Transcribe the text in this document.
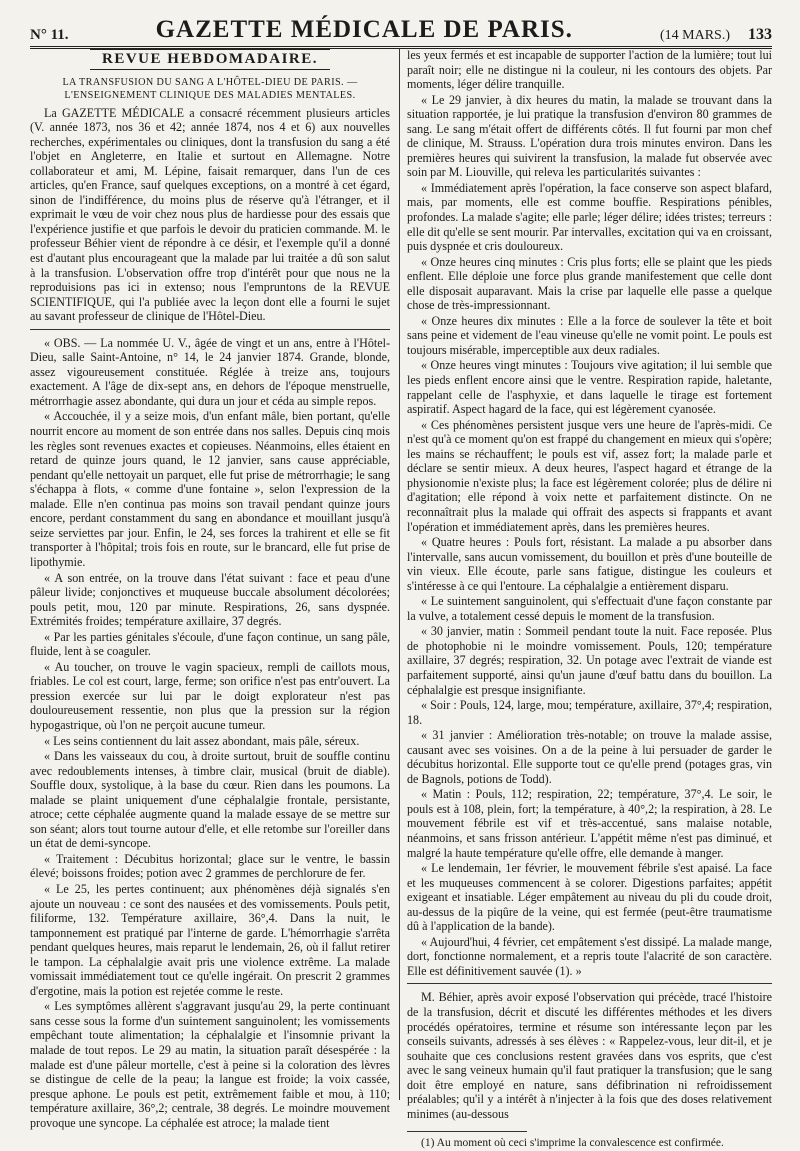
N° 11.	GAZETTE MÉDICALE DE PARIS.	(14 MARS.) 133
REVUE HEBDOMADAIRE.
LA TRANSFUSION DU SANG A L'HÔTEL-DIEU DE PARIS. — L'ENSEIGNEMENT CLINIQUE DES MALADIES MENTALES.

La GAZETTE MÉDICALE a consacré récemment plusieurs articles (V. année 1873, nos 36 et 42; année 1874, nos 4 et 6) aux nouvelles recherches, expérimentales ou cliniques, dont la transfusion du sang a été l'objet en Angleterre, en Italie et surtout en Allemagne. Notre collaborateur et ami, M. Lépine, faisait remarquer, dans l'un de ces articles, qu'en France, sauf quelques exceptions, on a montré à cet égard, sinon de l'indifférence, du moins plus de réserve qu'à l'étranger, et il exprimait le vœu de voir chez nous plus de hardiesse pour des essais que l'expérience justifie et que parfois le devoir du praticien commande. M. le professeur Béhier vient de répondre à ce désir, et l'exemple qu'il a donné est d'autant plus encourageant que la malade par lui traitée a dû son salut à la transfusion. L'observation offre trop d'intérêt pour que nous ne la reproduisions pas ici in extenso; nous l'empruntons de la REVUE SCIENTIFIQUE, qui l'a publiée avec la leçon dont elle a fourni le sujet au savant professeur de clinique de l'Hôtel-Dieu.

« OBS. — La nommée U. V., âgée de vingt et un ans, entre à l'Hôtel-Dieu, salle Saint-Antoine, n° 14, le 24 janvier 1874. Grande, blonde, assez vigoureusement constituée. Réglée à treize ans, toujours exactement. A l'âge de dix-sept ans, en dehors de l'époque menstruelle, métrorrhagie assez abondante, qui dura un jour et céda au simple repos.

« Accouchée, il y a seize mois, d'un enfant mâle, bien portant, qu'elle nourrit encore au moment de son entrée dans nos salles. Depuis cinq mois les règles sont revenues exactes et copieuses. Néanmoins, elles étaient en retard de quinze jours quand, le 12 janvier, sans cause appréciable, pendant qu'elle nettoyait un parquet, elle fut prise de métrorrhagie; le sang s'échappa à flots, « comme d'une fontaine », selon l'expression de la malade. Elle n'en continua pas moins son travail pendant quinze jours encore, perdant constamment du sang en abondance et mouillant jusqu'à seize serviettes par jour. Enfin, le 24, ses forces la trahirent et elle se fit transporter à l'hôpital; trois fois en route, sur le brancard, elle fut prise de lipothymie.

« A son entrée, on la trouve dans l'état suivant : face et peau d'une pâleur livide; conjonctives et muqueuse buccale absolument décolorées; pouls petit, mou, 120 par minute. Respirations, 26, sans dyspnée. Extrémités froides; température axillaire, 37 degrés.

« Par les parties génitales s'écoule, d'une façon continue, un sang pâle, fluide, lent à se coaguler.

« Au toucher, on trouve le vagin spacieux, rempli de caillots mous, friables. Le col est court, large, ferme; son orifice n'est pas entr'ouvert. La pression exercée sur lui par le doigt explorateur n'est pas douloureusement ressentie, non plus que la pression sur la région hypogastrique, où l'on ne perçoit aucune tumeur.

« Les seins contiennent du lait assez abondant, mais pâle, séreux.

« Dans les vaisseaux du cou, à droite surtout, bruit de souffle continu avec redoublements intenses, à timbre clair, musical (bruit de diable). Souffle doux, systolique, à la base du cœur. Rien dans les poumons. La malade se plaint uniquement d'une céphalalgie frontale, persistante, atroce; cette céphalée augmente quand la malade essaye de se mettre sur son séant; alors tout tourne autour d'elle, et elle retombe sur l'oreiller dans un état de demi-syncope.

« Traitement : Décubitus horizontal; glace sur le ventre, le bassin élevé; boissons froides; potion avec 2 grammes de perchlorure de fer.

« Le 25, les pertes continuent; aux phénomènes déjà signalés s'en ajoute un nouveau : ce sont des nausées et des vomissements. Pouls petit, filiforme, 132. Température axillaire, 36°,4. Dans la nuit, le tamponnement est pratiqué par l'interne de garde. L'hémorrhagie s'arrêta pendant quelques heures, mais reparut le lendemain, 26, où il fallut retirer le tampon. La céphalalgie avait pris une violence extrême. La malade vomissait immédiatement tout ce qu'elle ingérait. On prescrit 2 grammes d'ergotine, mais la potion est rejetée comme le reste.

« Les symptômes allèrent s'aggravant jusqu'au 29, la perte continuant sans cesse sous la forme d'un suintement sanguinolent; les vomissements empêchant toute alimentation; la céphalalgie et l'insomnie privant la malade de tout repos. Le 29 au matin, la situation paraît désespérée : la malade est d'une pâleur mortelle, c'est à peine si la coloration des lèvres se distingue de celle de la peau; la langue est froide; la voix cassée, presque aphone. Le pouls est petit, extrêmement faible et mou, à 110; température axillaire, 36°,2; centrale, 38 degrés. Le moindre mouvement provoque une syncope. La céphalée est atroce; la malade tient

les yeux fermés et est incapable de supporter l'action de la lumière; tout lui paraît noir; elle ne distingue ni la couleur, ni les contours des objets. Par moments, léger délire tranquille.

« Le 29 janvier, à dix heures du matin, la malade se trouvant dans la situation rapportée, je lui pratique la transfusion d'environ 80 grammes de sang. Le sang m'était offert de différents côtés. Il fut fourni par mon chef de clinique, M. Strauss. L'opération dura trois minutes environ. Dans les premières heures qui suivirent la transfusion, la malade fut observée avec soin par M. Liouville, qui releva les particularités suivantes :

« Immédiatement après l'opération, la face conserve son aspect blafard, mais, par moments, elle est comme bouffie. Respirations pénibles, profondes. La malade s'agite; elle parle; léger délire; idées tristes; terreurs : elle dit qu'elle se sent mourir. Par intervalles, excitation qui va en croissant, puis dyspnée et cris douloureux.

« Onze heures cinq minutes : Cris plus forts; elle se plaint que les pieds enflent. Elle déploie une force plus grande manifestement que celle dont elle disposait auparavant. Mais la crise par laquelle elle passe a quelque chose de très-impressionnant.

« Onze heures dix minutes : Elle a la force de soulever la tête et boit sans peine et videment de l'eau vineuse qu'elle ne vomit point. Le pouls est toujours misérable, imperceptible aux deux radiales.

« Onze heures vingt minutes : Toujours vive agitation; il lui semble que les pieds enflent encore ainsi que le ventre. Respiration rapide, haletante, rappelant celle de l'asphyxie, et dans laquelle le tirage est fortement aspiratif. Aspect hagard de la face, qui est légèrement cyanosée.

« Ces phénomènes persistent jusque vers une heure de l'après-midi. Ce n'est qu'à ce moment qu'on est frappé du changement en mieux qui s'opère; les mains se réchauffent; le pouls est vif, assez fort; la malade parle et déclare se sentir mieux. A deux heures, l'aspect hagard et étrange de la physionomie n'existe plus; la face est légèrement colorée; plus de délire ni d'agitation; elle répond à voix nette et parfaitement distincte. On ne reconnaîtrait plus la malade qui offrait des aspects si frappants et avant l'opération et immédiatement après, dans les premières heures.

« Quatre heures : Pouls fort, résistant. La malade a pu absorber dans l'intervalle, sans aucun vomissement, du bouillon et près d'une bouteille de vin vieux. Elle écoute, parle sans fatigue, distingue les couleurs et s'intéresse à ce qui l'entoure. La céphalalgie a entièrement disparu.

« Le suintement sanguinolent, qui s'effectuait d'une façon constante par la vulve, a totalement cessé depuis le moment de la transfusion.

« 30 janvier, matin : Sommeil pendant toute la nuit. Face reposée. Plus de photophobie ni le moindre vomissement. Pouls, 120; température axillaire, 37 degrés; respiration, 32. Un potage avec l'extrait de viande est parfaitement supporté, ainsi qu'un jaune d'œuf battu dans du bouillon. La céphalalgie est presque insignifiante.

« Soir : Pouls, 124, large, mou; température, axillaire, 37°,4; respiration, 18.

« 31 janvier : Amélioration très-notable; on trouve la malade assise, causant avec ses voisines. On a de la peine à lui persuader de garder le décubitus horizontal. Elle supporte tout ce qu'elle prend (potages gras, vin de Bagnols, potions de Todd).

« Matin : Pouls, 112; respiration, 22; température, 37°,4. Le soir, le pouls est à 108, plein, fort; la température, à 40°,2; la respiration, à 28. Le mouvement fébrile est vif et très-accentué, sans malaise notable, néanmoins, et sans frisson antérieur. L'appétit même n'est pas diminué, et malgré la haute température qu'elle offre, elle demande à manger.

« Le lendemain, 1er février, le mouvement fébrile s'est apaisé. La face et les muqueuses commencent à se colorer. Digestions parfaites; appétit exigeant et insatiable. Léger empâtement au niveau du pli du coude droit, au-dessus de la piqûre de la veine, qui est fermée (peut-être traumatisme dû à l'application de la bande).

« Aujourd'hui, 4 février, cet empâtement s'est dissipé. La malade mange, dort, fonctionne normalement, et a repris toute l'alacrité de son caractère. Elle est définitivement sauvée (1). »

M. Béhier, après avoir exposé l'observation qui précède, tracé l'histoire de la transfusion, décrit et discuté les différentes méthodes et les divers procédés opératoires, termine et résume son intéressante leçon par les conseils suivants, adressés à ses élèves : « Rappelez-vous, leur dit-il, et je souhaite que ces conclusions restent gravées dans vos esprits, que c'est avec le sang veineux humain qu'il faut pratiquer la transfusion; que le sang doit être employé en nature, sans défibrination ni refroidissement préalables; qu'il y a intérêt à n'injecter à la fois que des doses relativement minimes (au-dessous

(1) Au moment où ceci s'imprime la convalescence est confirmée.
